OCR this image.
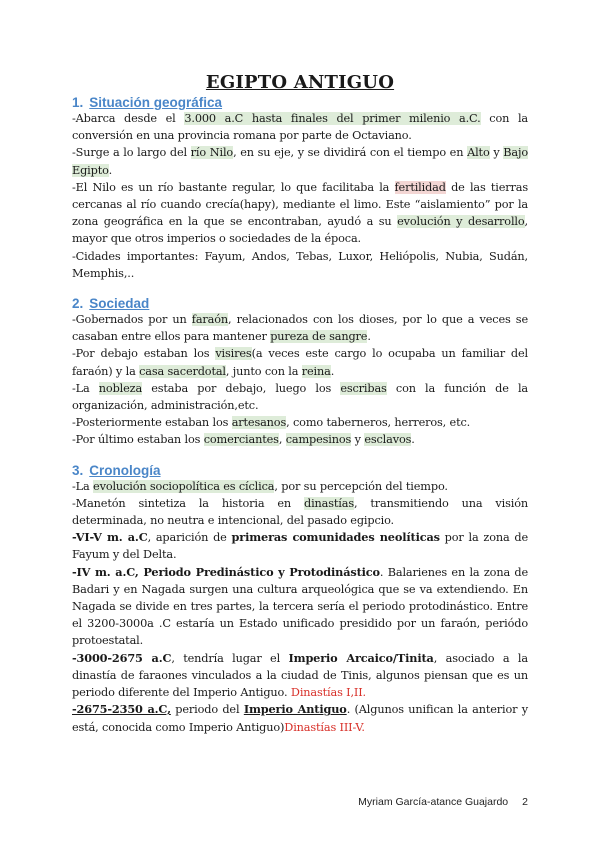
EGIPTO ANTIGUO
1. Situación geográfica

-Abarca desde el 3.000 a.C hasta finales del primer milenio a.C. con la conversión en una provincia romana por parte de Octaviano.

-Surge a lo largo del río Nilo, en su eje, y se dividirá con el tiempo en Alto y Bajo Egipto.

-El Nilo es un río bastante regular, lo que facilitaba la fertilidad de las tierras cercanas al río cuando crecía(hapy), mediante el limo. Este “aislamiento” por la zona geográfica en la que se encontraban, ayudó a su evolución y desarrollo, mayor que otros imperios o sociedades de la época.

-Cidades importantes: Fayum, Andos, Tebas, Luxor, Heliópolis, Nubia, Sudán, Memphis,..

2. Sociedad

-Gobernados por un faraón, relacionados con los dioses, por lo que a veces se casaban entre ellos para mantener pureza de sangre.

-Por debajo estaban los visires(a veces este cargo lo ocupaba un familiar del faraón) y la casa sacerdotal, junto con la reina.

-La nobleza estaba por debajo, luego los escribas con la función de la organización, administración,etc.

-Posteriormente estaban los artesanos, como taberneros, herreros, etc.

-Por último estaban los comerciantes, campesinos y esclavos.

3. Cronología

-La evolución sociopolítica es cíclica, por su percepción del tiempo.

-Manetón sintetiza la historia en dinastías, transmitiendo una visión determinada, no neutra e intencional, del pasado egipcio.

-VI-V m. a.C, aparición de primeras comunidades neolíticas por la zona de Fayum y del Delta.

-IV m. a.C, Periodo Predinástico y Protodinástico. Balarienes en la zona de Badari y en Nagada surgen una cultura arqueológica que se va extendiendo. En Nagada se divide en tres partes, la tercera sería el periodo protodinástico. Entre el 3200-3000a .C estaría un Estado unificado presidido por un faraón, periódo protoestatal.

-3000-2675 a.C, tendría lugar el Imperio Arcaico/Tinita, asociado a la dinastía de faraones vinculados a la ciudad de Tinis, algunos piensan que es un periodo diferente del Imperio Antiguo. Dinastías I,II.

-2675-2350 a.C, periodo del Imperio Antiguo. (Algunos unifican la anterior y está, conocida como Imperio Antiguo)Dinastías III-V.

Myriam García-atance Guajardo 2
